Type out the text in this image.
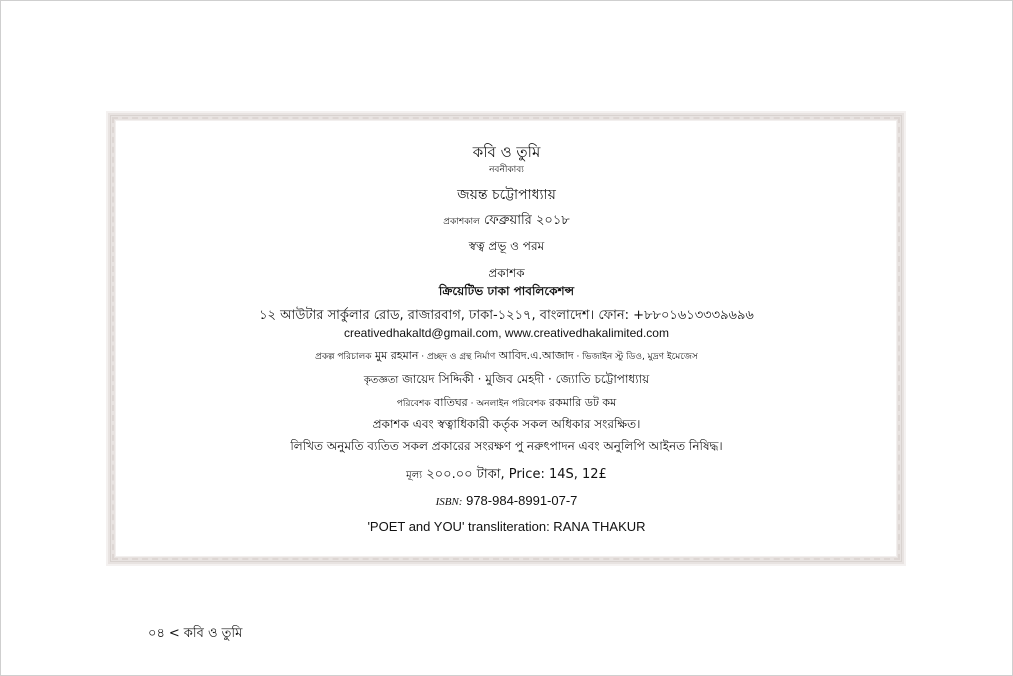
কবি ও তুমি
নবনীকাব্য
জয়ন্ত চট্টোপাধ্যায়
প্রকাশকাল ফেব্রুয়ারি ২০১৮
স্বত্ব প্রভূ ও পরম
প্রকাশক
ক্রিয়েটিভ ঢাকা পাবলিকেশন্স
১২ আউটার সার্কুলার রোড, রাজারবাগ, ঢাকা-১২১৭, বাংলাদেশ। ফোন: +৮৮০১৬১৩৩৩৯৬৯৬
creativedhakaltd@gmail.com, www.creativedhakalimited.com
প্রকল্প পরিচালক মুম রহমান · প্রচ্ছদ ও গ্রন্থ নির্মাণ আবিদ.এ.আজাদ · ভিজাইন স্টু ডিও, মুদ্রণ ইমেজেস
কৃতজ্ঞতা জায়েদ সিদ্দিকী · মুজিব মেহদী · জ্যোতি চট্টোপাধ্যায়
পরিবেশক বাতিঘর · অনলাইন পরিবেশক রকমারি ডট কম
প্রকাশক এবং স্বত্বাধিকারী কর্তৃক সকল অধিকার সংরক্ষিত।
লিখিত অনুমতি ব্যতিত সকল প্রকারের সংরক্ষণ পু নরুৎপাদন এবং অনুলিপি আইনত নিষিদ্ধ।
মূল্য ২০০.০০ টাকা, Price: 14S, 12£
ISBN: 978-984-8991-07-7
'POET and YOU' transliteration: RANA THAKUR
০৪ < কবি ও তুমি
